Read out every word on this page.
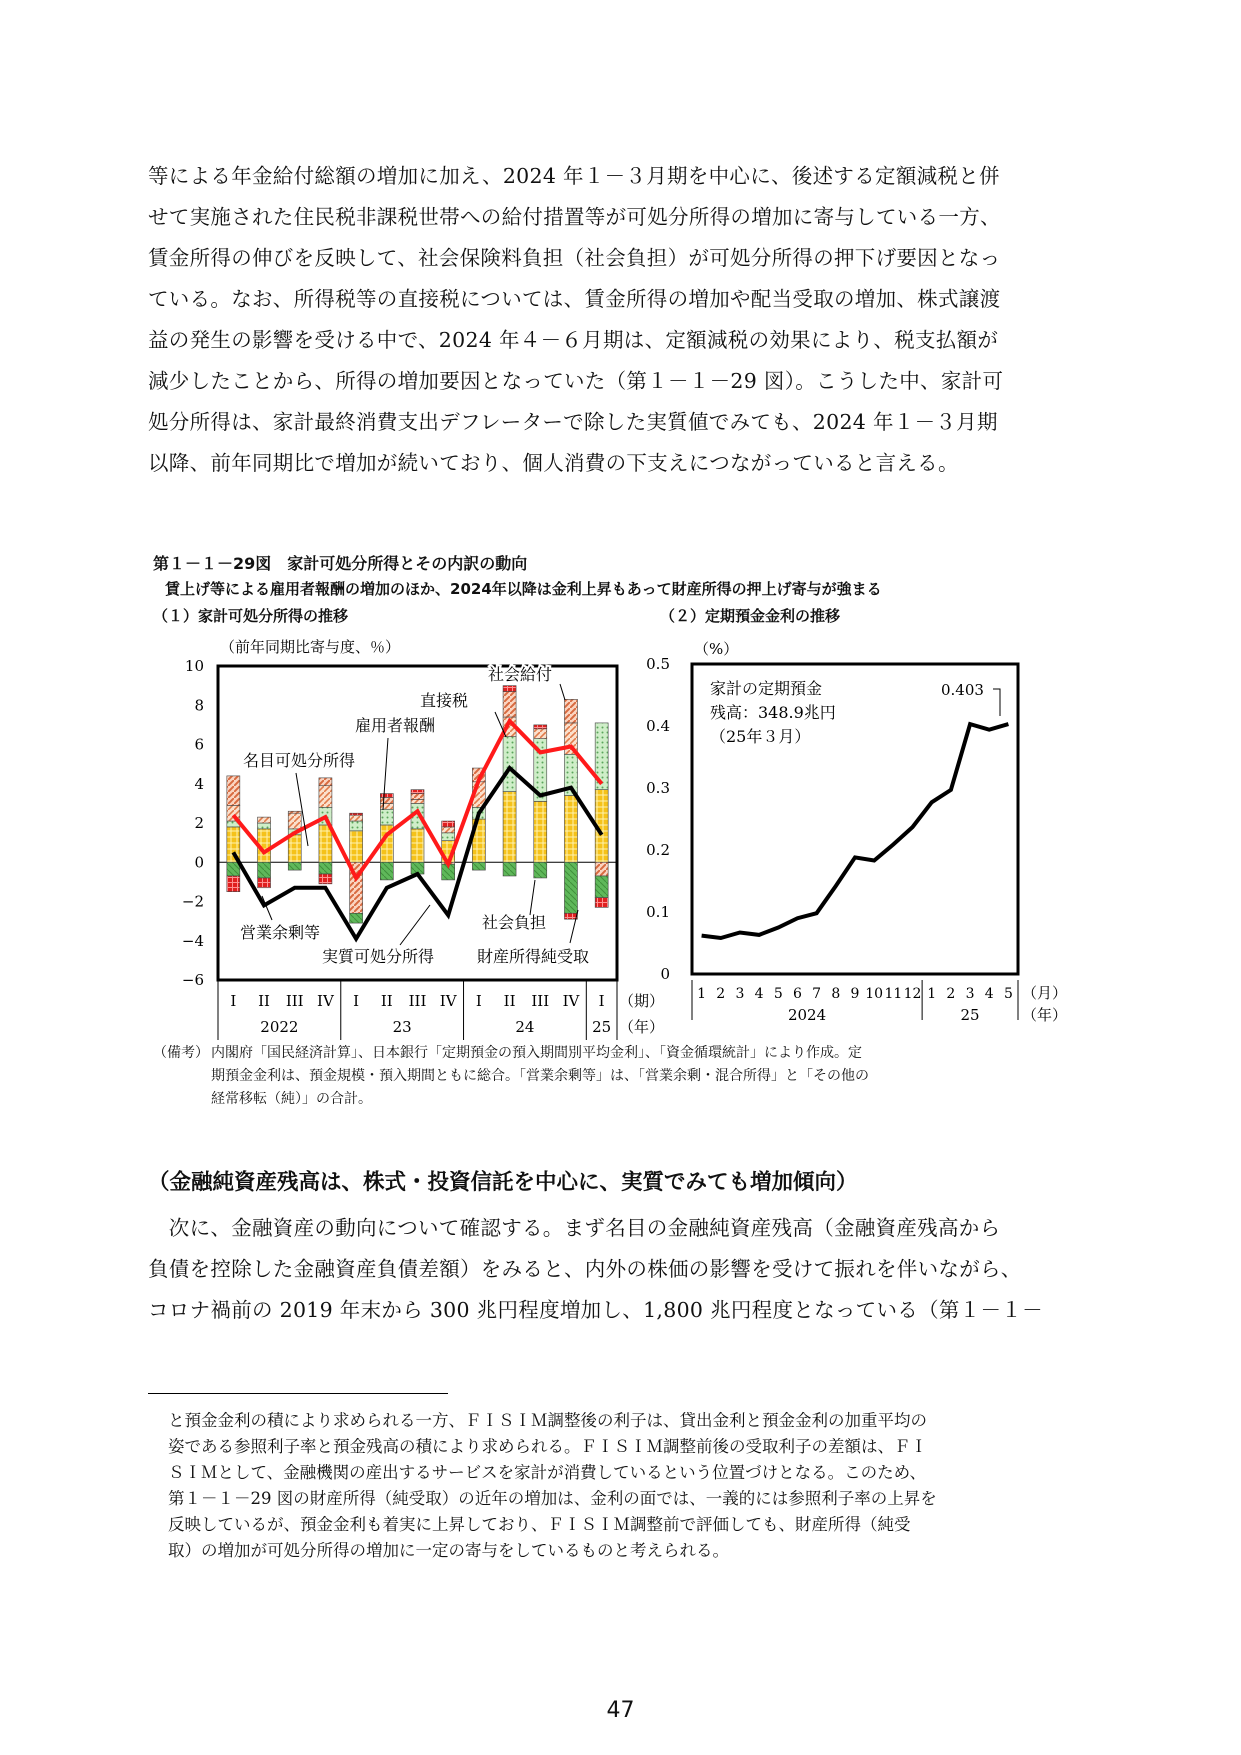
等による年金給付総額の増加に加え、2024 年１－３月期を中心に、後述する定額減税と併
せて実施された住民税非課税世帯への給付措置等が可処分所得の増加に寄与している一方、
賃金所得の伸びを反映して、社会保険料負担（社会負担）が可処分所得の押下げ要因となっ
ている。なお、所得税等の直接税については、賃金所得の増加や配当受取の増加、株式譲渡
益の発生の影響を受ける中で、2024 年４－６月期は、定額減税の効果により、税支払額が
減少したことから、所得の増加要因となっていた（第１－１－29 図）。こうした中、家計可
処分所得は、家計最終消費支出デフレーターで除した実質値でみても、2024 年１－３月期
以降、前年同期比で増加が続いており、個人消費の下支えにつながっていると言える。
第１－１－29図　家計可処分所得とその内訳の動向
賃上げ等による雇用者報酬の増加のほか、2024年以降は金利上昇もあって財産所得の押上げ寄与が強まる
（１）家計可処分所得の推移	（２）定期預金金利の推移
10
8
6
4
2
0
−2
−4
−6
（前年同期比寄与度、％）
I II III IV I II III IV I II III IV I
2022	23	24	25
（期）
（年）
社会給付
直接税
雇用者報酬
名目可処分所得
営業余剰等
実質可処分所得
社会負担
財産所得純受取
0.5
0.4
0.3
0.2
0.1
0
（%）
1 2 3 4 5 6 7 8 9 10 11 12 1 2 3 4 5
2024	25
（月）
（年）
家計の定期預金
残高：348.9兆円
（25年３月）
0.403
（備考） 内閣府「国民経済計算」、日本銀行「定期預金の預入期間別平均金利」、「資金循環統計」により作成。定
期預金金利は、預金規模・預入期間ともに総合。「営業余剰等」は、「営業余剰・混合所得」と「その他の
経常移転（純）」の合計。
（金融純資産残高は、株式・投資信託を中心に、実質でみても増加傾向）
　次に、金融資産の動向について確認する。まず名目の金融純資産残高（金融資産残高から
負債を控除した金融資産負債差額）をみると、内外の株価の影響を受けて振れを伴いながら、
コロナ禍前の 2019 年末から 300 兆円程度増加し、1,800 兆円程度となっている（第１－１－
と預金金利の積により求められる一方、ＦＩＳＩＭ調整後の利子は、貸出金利と預金金利の加重平均の
姿である参照利子率と預金残高の積により求められる。ＦＩＳＩＭ調整前後の受取利子の差額は、ＦＩ
ＳＩＭとして、金融機関の産出するサービスを家計が消費しているという位置づけとなる。このため、
第１－１－29 図の財産所得（純受取）の近年の増加は、金利の面では、一義的には参照利子率の上昇を
反映しているが、預金金利も着実に上昇しており、ＦＩＳＩＭ調整前で評価しても、財産所得（純受
取）の増加が可処分所得の増加に一定の寄与をしているものと考えられる。
47
